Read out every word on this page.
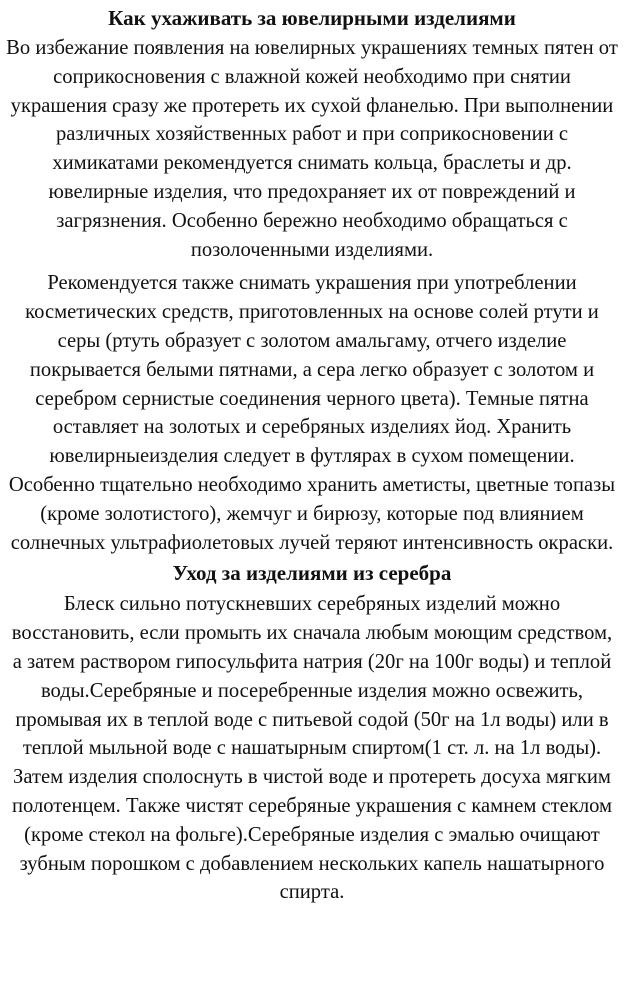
Как ухаживать за ювелирными изделиями

Во избежание появления на ювелирных украшениях темных пятен от соприкосновения с влажной кожей необходимо при снятии украшения сразу же протереть их сухой фланелью. При выполнении различных хозяйственных работ и при соприкосновении с химикатами рекомендуется снимать кольца, браслеты и др. ювелирные изделия, что предохраняет их от повреждений и загрязнения. Особенно бережно необходимо обращаться с позолоченными изделиями.

Рекомендуется также снимать украшения при употреблении косметических средств, приготовленных на основе солей ртути и серы (ртуть образует с золотом амальгаму, отчего изделие покрывается белыми пятнами, а сера легко образует с золотом и серебром сернистые соединения черного цвета). Темные пятна оставляет на золотых и серебряных изделиях йод. Хранить ювелирныеизделия следует в футлярах в сухом помещении. Особенно тщательно необходимо хранить аметисты, цветные топазы (кроме золотистого), жемчуг и бирюзу, которые под влиянием солнечных ультрафиолетовых лучей теряют интенсивность окраски.

Уход за изделиями из серебра

Блеск сильно потускневших серебряных изделий можно восстановить, если промыть их сначала любым моющим средством, а затем раствором гипосульфита натрия (20г на 100г воды) и теплой воды.Серебряные и посеребренные изделия можно освежить, промывая их в теплой воде с питьевой содой (50г на 1л воды) или в теплой мыльной воде с нашатырным спиртом(1 ст. л. на 1л воды). Затем изделия сполоснуть в чистой воде и протереть досуха мягким полотенцем. Также чистят серебряные украшения с камнем стеклом (кроме стекол на фольге).Серебряные изделия с эмалью очищают зубным порошком с добавлением нескольких капель нашатырного спирта.
